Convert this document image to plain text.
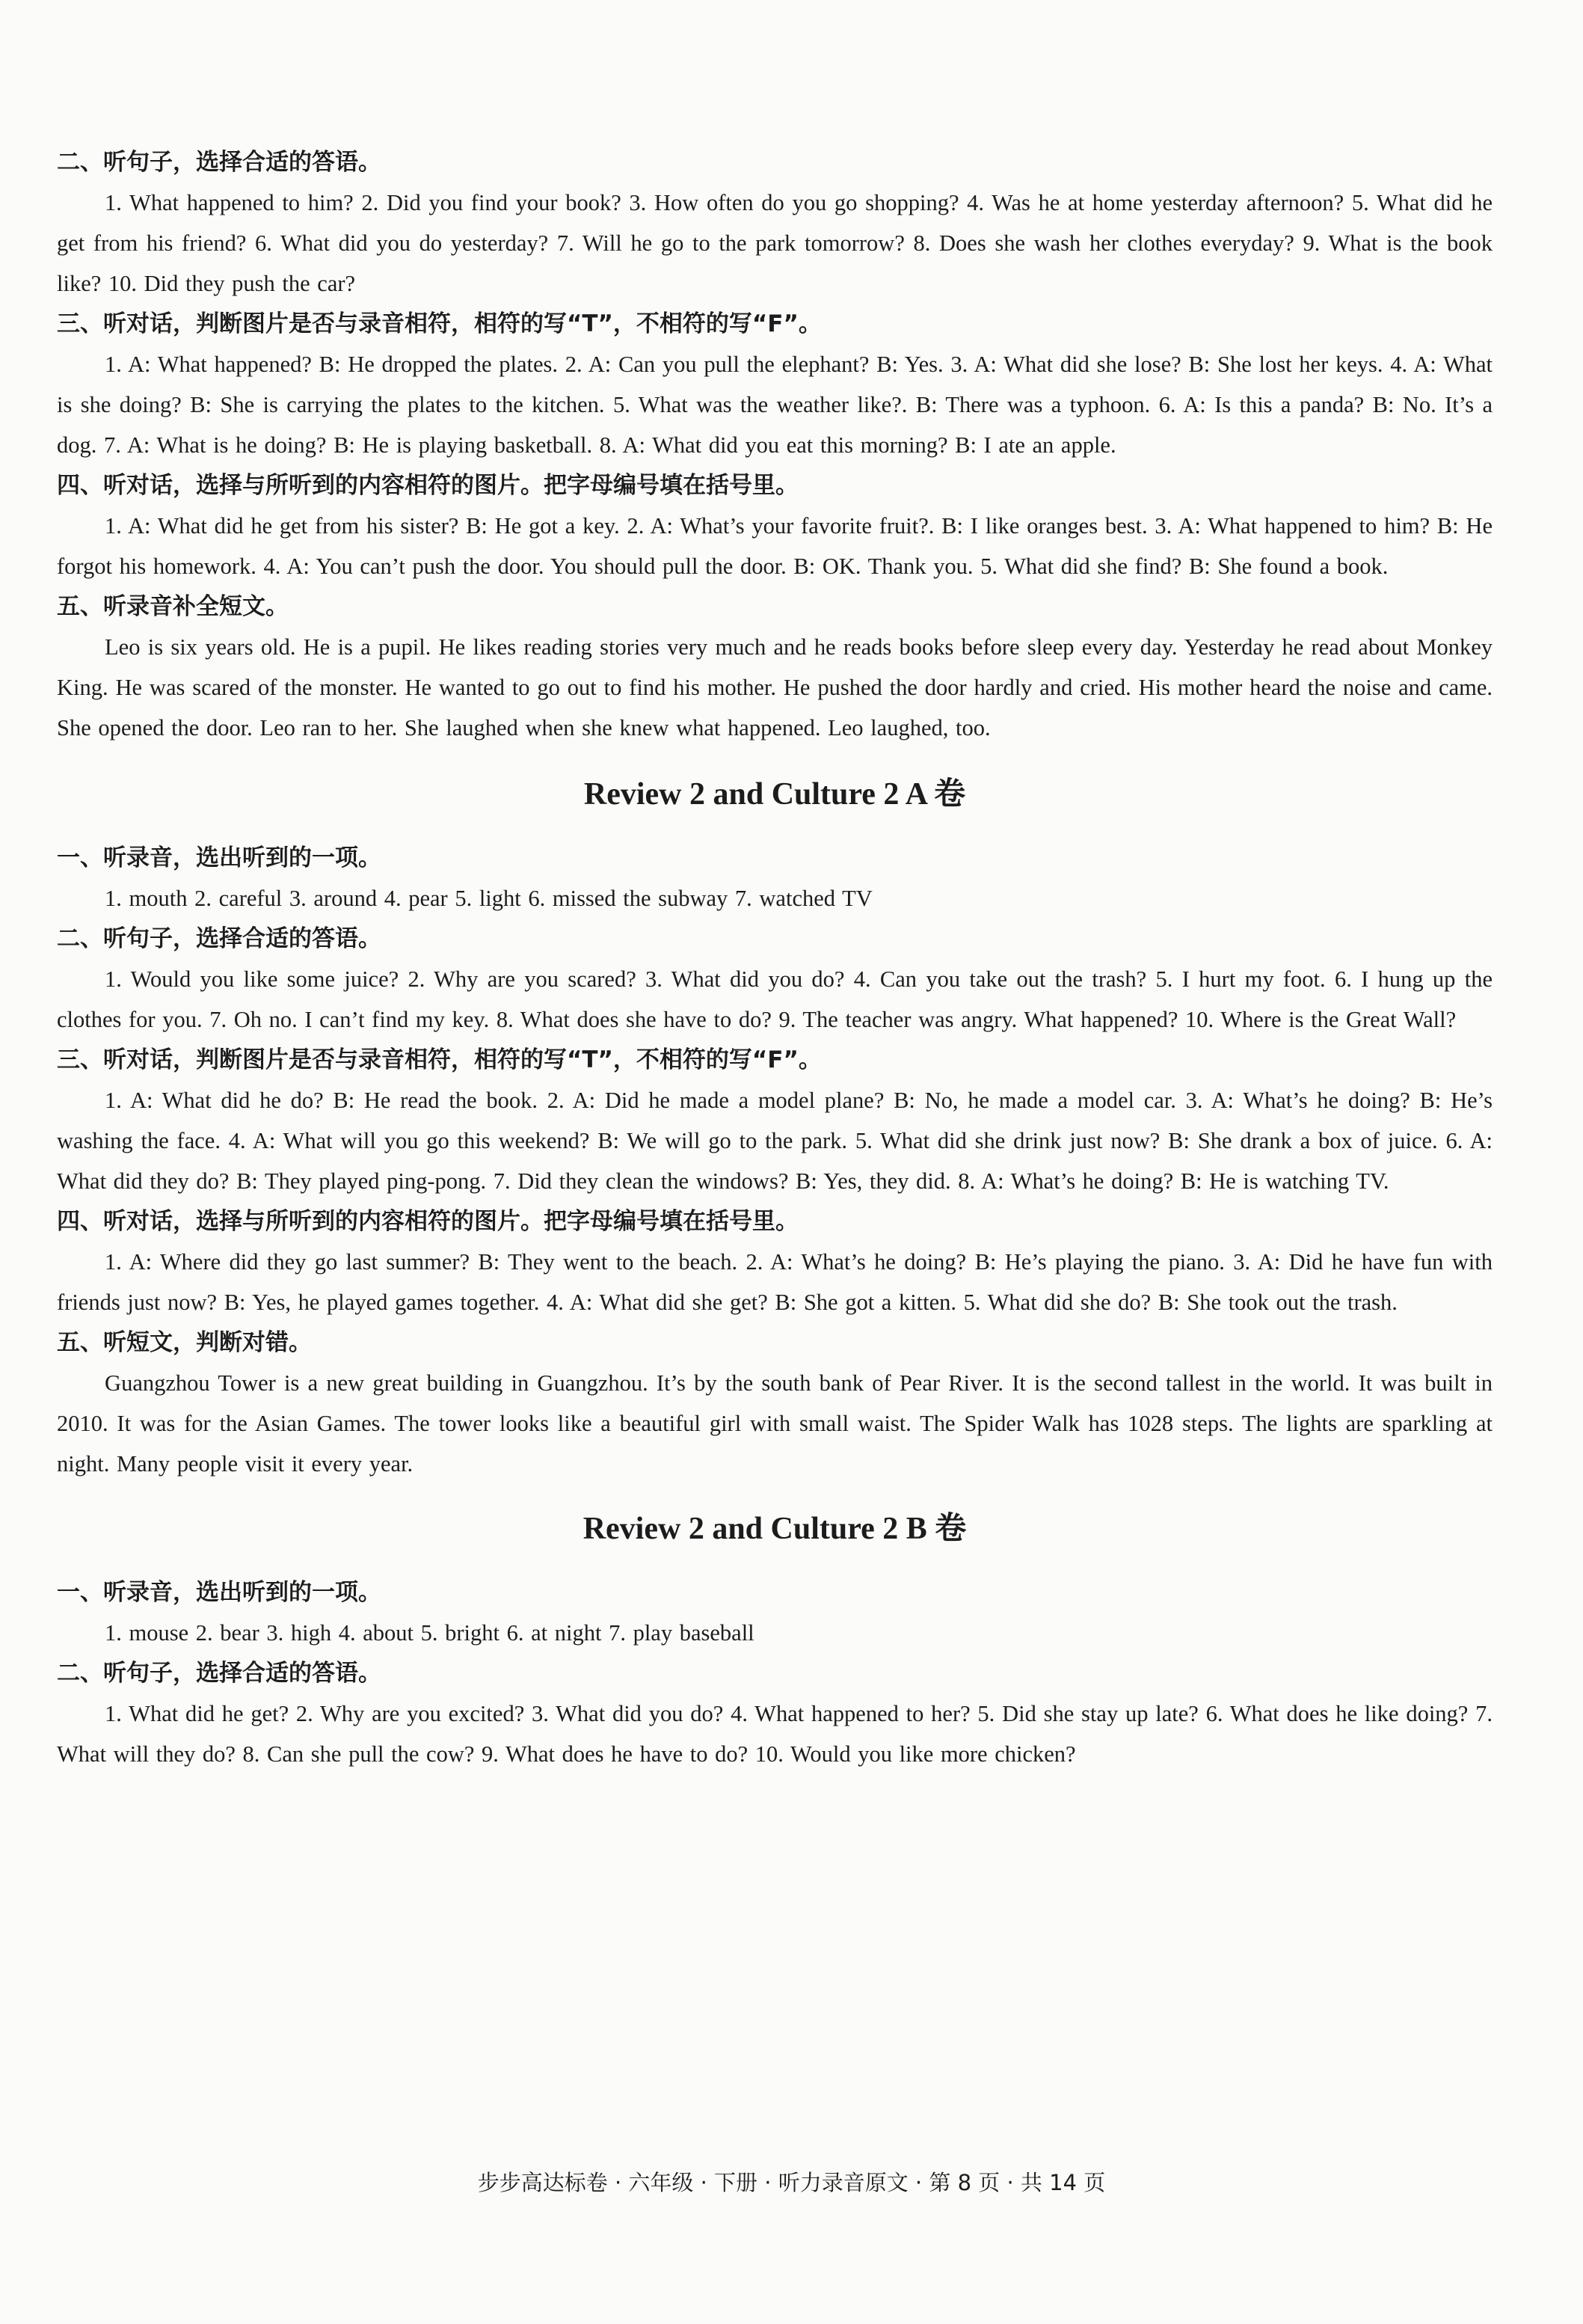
二、听句子，选择合适的答语。

1. What happened to him? 2. Did you find your book? 3. How often do you go shopping? 4. Was he at home yesterday afternoon? 5. What did he get from his friend? 6. What did you do yesterday? 7. Will he go to the park tomorrow? 8. Does she wash her clothes everyday? 9. What is the book like? 10. Did they push the car?

三、听对话，判断图片是否与录音相符，相符的写“T”，不相符的写“F”。

1. A: What happened? B: He dropped the plates. 2. A: Can you pull the elephant? B: Yes. 3. A: What did she lose? B: She lost her keys. 4. A: What is she doing? B: She is carrying the plates to the kitchen. 5. What was the weather like?. B: There was a typhoon. 6. A: Is this a panda? B: No. It’s a dog. 7. A: What is he doing? B: He is playing basketball. 8. A: What did you eat this morning? B: I ate an apple.

四、听对话，选择与所听到的内容相符的图片。把字母编号填在括号里。

1. A: What did he get from his sister? B: He got a key. 2. A: What’s your favorite fruit?. B: I like oranges best. 3. A: What happened to him? B: He forgot his homework. 4. A: You can’t push the door. You should pull the door. B: OK. Thank you. 5. What did she find? B: She found a book.

五、听录音补全短文。

Leo is six years old. He is a pupil. He likes reading stories very much and he reads books before sleep every day. Yesterday he read about Monkey King. He was scared of the monster. He wanted to go out to find his mother. He pushed the door hardly and cried. His mother heard the noise and came. She opened the door. Leo ran to her. She laughed when she knew what happened. Leo laughed, too.

Review 2 and Culture 2 A 卷

一、听录音，选出听到的一项。

1. mouth 2. careful 3. around 4. pear 5. light 6. missed the subway 7. watched TV

二、听句子，选择合适的答语。

1. Would you like some juice? 2. Why are you scared? 3. What did you do? 4. Can you take out the trash? 5. I hurt my foot. 6. I hung up the clothes for you. 7. Oh no. I can’t find my key. 8. What does she have to do? 9. The teacher was angry. What happened? 10. Where is the Great Wall?

三、听对话，判断图片是否与录音相符，相符的写“T”，不相符的写“F”。

1. A: What did he do? B: He read the book. 2. A: Did he made a model plane? B: No, he made a model car. 3. A: What’s he doing? B: He’s washing the face. 4. A: What will you go this weekend? B: We will go to the park. 5. What did she drink just now? B: She drank a box of juice. 6. A: What did they do? B: They played ping-pong. 7. Did they clean the windows? B: Yes, they did. 8. A: What’s he doing? B: He is watching TV.

四、听对话，选择与所听到的内容相符的图片。把字母编号填在括号里。

1. A: Where did they go last summer? B: They went to the beach. 2. A: What’s he doing? B: He’s playing the piano. 3. A: Did he have fun with friends just now? B: Yes, he played games together. 4. A: What did she get? B: She got a kitten. 5. What did she do? B: She took out the trash.

五、听短文，判断对错。

Guangzhou Tower is a new great building in Guangzhou. It’s by the south bank of Pear River. It is the second tallest in the world. It was built in 2010. It was for the Asian Games. The tower looks like a beautiful girl with small waist. The Spider Walk has 1028 steps. The lights are sparkling at night. Many people visit it every year.

Review 2 and Culture 2 B 卷

一、听录音，选出听到的一项。

1. mouse 2. bear 3. high 4. about 5. bright 6. at night 7. play baseball

二、听句子，选择合适的答语。

1. What did he get? 2. Why are you excited? 3. What did you do? 4. What happened to her? 5. Did she stay up late? 6. What does he like doing? 7. What will they do? 8. Can she pull the cow? 9. What does he have to do? 10. Would you like more chicken?

步步高达标卷 · 六年级 · 下册 · 听力录音原文 · 第 8 页 · 共 14 页
